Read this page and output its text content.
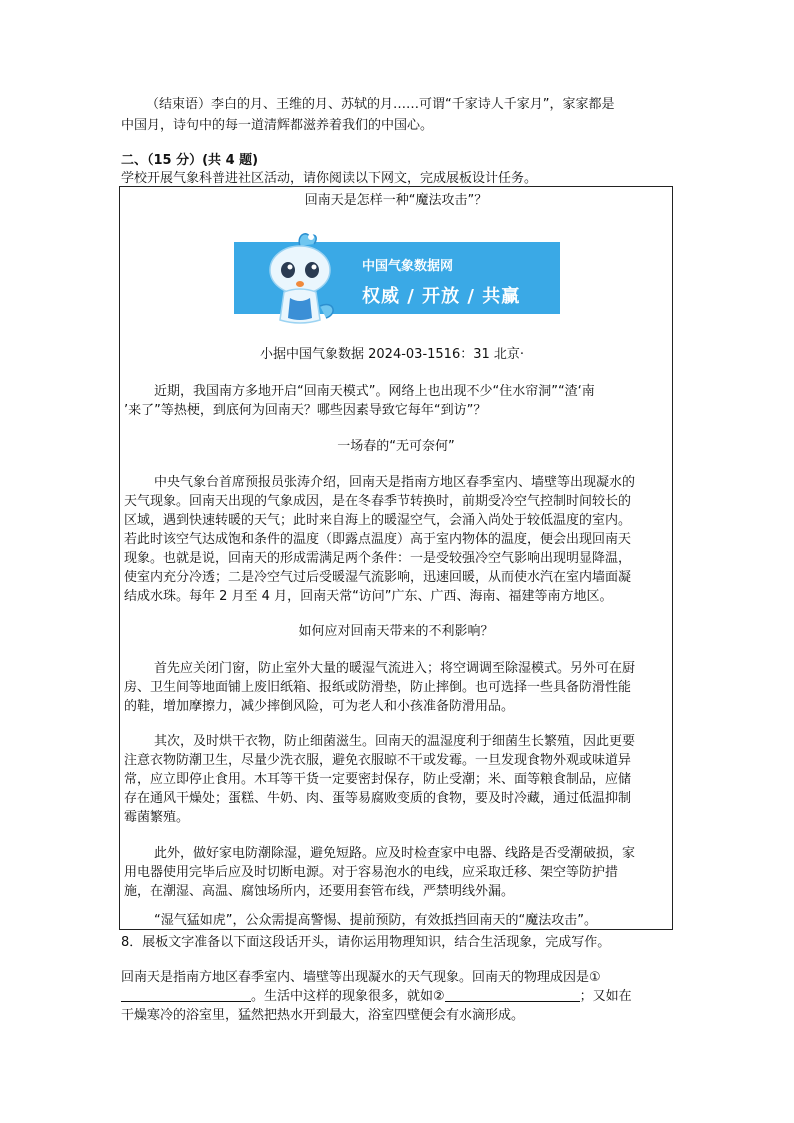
（结束语）李白的月、王维的月、苏轼的月……可谓“千家诗人千家月”，家家都是
中国月，诗句中的每一道清辉都滋养着我们的中国心。
二、（15 分）(共 4 题)
学校开展气象科普进社区活动，请你阅读以下网文，完成展板设计任务。
回南天是怎样一种“魔法攻击”？
中国气象数据网
权威 / 开放 / 共赢
小据中国气象数据 2024-03-1516：31 北京·
近期，我国南方多地开启“回南天模式”。网络上也出现不少“住水帘洞”“渣‘南
’来了”等热梗，到底何为回南天？哪些因素导致它每年“到访”？
一场春的“无可奈何”
中央气象台首席预报员张涛介绍，回南天是指南方地区春季室内、墙壁等出现凝水的
天气现象。回南天出现的气象成因，是在冬春季节转换时，前期受冷空气控制时间较长的
区域，遇到快速转暖的天气；此时来自海上的暖湿空气，会涌入尚处于较低温度的室内。
若此时该空气达成饱和条件的温度（即露点温度）高于室内物体的温度，便会出现回南天
现象。也就是说，回南天的形成需满足两个条件：一是受较强冷空气影响出现明显降温，
使室内充分冷透；二是冷空气过后受暖湿气流影响，迅速回暖，从而使水汽在室内墙面凝
结成水珠。每年 2 月至 4 月，回南天常“访问”广东、广西、海南、福建等南方地区。
如何应对回南天带来的不利影响？
首先应关闭门窗，防止室外大量的暖湿气流进入；将空调调至除湿模式。另外可在厨
房、卫生间等地面铺上废旧纸箱、报纸或防滑垫，防止摔倒。也可选择一些具备防滑性能
的鞋，增加摩擦力，减少摔倒风险，可为老人和小孩准备防滑用品。
其次，及时烘干衣物，防止细菌滋生。回南天的温湿度利于细菌生长繁殖，因此更要
注意衣物防潮卫生，尽量少洗衣服，避免衣服晾不干或发霉。一旦发现食物外观或味道异
常，应立即停止食用。木耳等干货一定要密封保存，防止受潮；米、面等粮食制品，应储
存在通风干燥处；蛋糕、牛奶、肉、蛋等易腐败变质的食物，要及时冷藏，通过低温抑制
霉菌繁殖。
此外，做好家电防潮除湿，避免短路。应及时检查家中电器、线路是否受潮破损，家
用电器使用完毕后应及时切断电源。对于容易泡水的电线，应采取迁移、架空等防护措
施，在潮湿、高温、腐蚀场所内，还要用套管布线，严禁明线外漏。
“湿气猛如虎”，公众需提高警惕、提前预防，有效抵挡回南天的“魔法攻击”。
8．展板文字准备以下面这段话开头，请你运用物理知识，结合生活现象，完成写作。
回南天是指南方地区春季室内、墙壁等出现凝水的天气现象。回南天的物理成因是①
。生活中这样的现象很多，就如②	；又如在
干燥寒冷的浴室里，猛然把热水开到最大，浴室四壁便会有水滴形成。
